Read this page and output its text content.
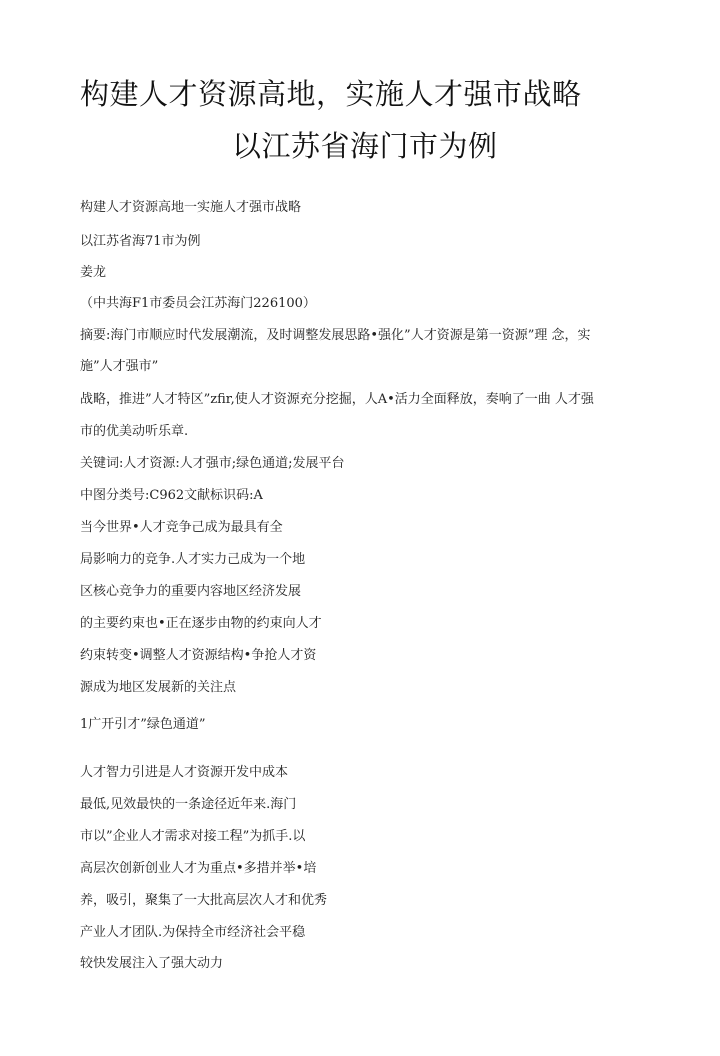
构建人才资源高地，实施人才强市战略
以江苏省海门市为例
构建人才资源高地一实施人才强市战略
以江苏省海71市为例
姜龙
（中共海F1市委员会江苏海门226100）
摘要:海门市顺应时代发展潮流，及时调整发展思路•强化”人才资源是第一资源”理 念，实
施”人才强市”
战略，推进”人才特区”zfir,使人才资源充分挖掘，人A•活力全面释放，奏响了一曲 人才强
市的优美动听乐章.
关键词:人才资源:人才强市;绿色通道;发展平台
中图分类号:C962文献标识码:A
当今世界•人才竞争己成为最具有全
局影响力的竞争.人才实力己成为一个地
区核心竞争力的重要内容地区经济发展
的主要约束也•正在逐步由物的约束向人才
约束转变•调整人才资源结构•争抢人才资
源成为地区发展新的关注点
1广开引才”绿色通道”
人才智力引进是人才资源开发中成本
最低,见效最快的一条途径近年来.海门
市以”企业人才需求对接工程”为抓手.以
高层次创新创业人才为重点•多措并举•培
养，吸引，聚集了一大批高层次人才和优秀
产业人才团队.为保持全市经济社会平稳
较快发展注入了强大动力
